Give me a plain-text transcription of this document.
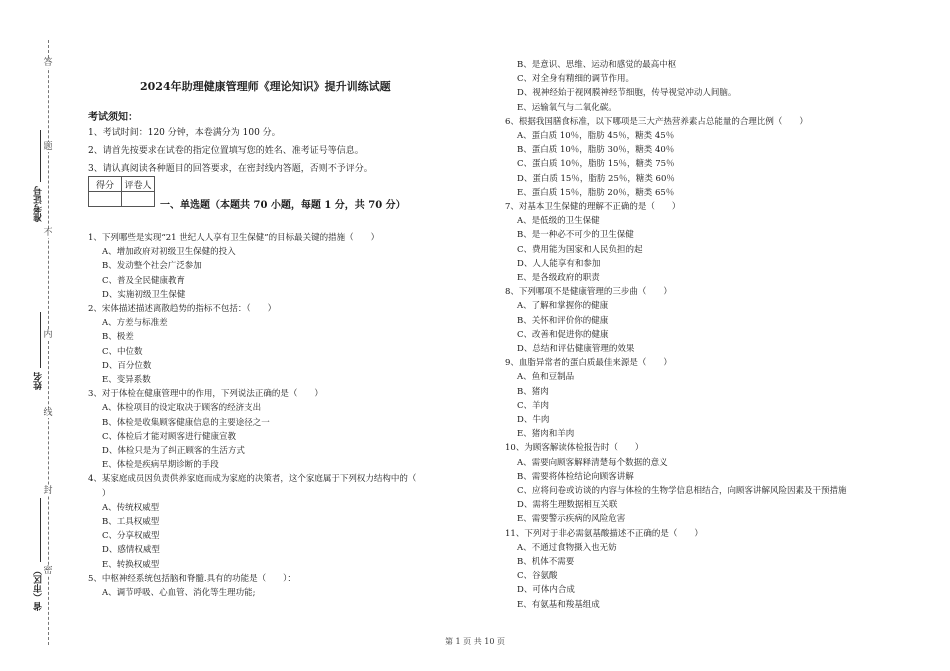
答
题
不
内
线
封
密
准考证号
姓名
省（市区）
2024年助理健康管理师《理论知识》提升训练试题
考试须知：
1、考试时间：120 分钟，本卷满分为 100 分。
2、请首先按要求在试卷的指定位置填写您的姓名、准考证号等信息。
3、请认真阅读各种题目的回答要求，在密封线内答题，否则不予评分。
得分	评卷人

一、单选题（本题共 70 小题，每题 1 分，共 70 分）
1、下列哪些是实现“21 世纪人人享有卫生保健”的目标最关键的措施（　　）
A、增加政府对初级卫生保健的投入
B、发动整个社会广泛参加
C、普及全民健康教育
D、实施初级卫生保健
2、宋体描述描述离散趋势的指标不包括：（　　）
A、方差与标准差
B、极差
C、中位数
D、百分位数
E、变异系数
3、对于体检在健康管理中的作用，下列说法正确的是（　　）
A、体检项目的设定取决于顾客的经济支出
B、体检是收集顾客健康信息的主要途径之一
C、体检后才能对顾客进行健康宣教
D、体检只是为了纠正顾客的生活方式
E、体检是疾病早期诊断的手段
4、某家庭成员因负责供养家庭而成为家庭的决策者，这个家庭属于下列权力结构中的（
）
A、传统权威型
B、工具权威型
C、分享权威型
D、感情权威型
E、转换权威型
5、中枢神经系统包括脑和脊髓.具有的功能是（　　）：
A、调节呼吸、心血管、消化等生理功能;
B、是意识、思维、运动和感觉的最高中枢
C、对全身有精细的调节作用。
D、视神经始于视网膜神经节细胞，传导视觉冲动人间脑。
E、运输氧气与二氧化碳。
6、根据我国膳食标准，以下哪项是三大产热营养素占总能量的合理比例（　　）
A、蛋白质 10％，脂肪 45％，糖类 45％
B、蛋白质 10％，脂肪 30％，糖类 40％
C、蛋白质 10％，脂肪 15％，糖类 75％
D、蛋白质 15％，脂肪 25％，糖类 60％
E、蛋白质 15％，脂肪 20％，糖类 65％
7、对基本卫生保健的理解不正确的是（　　）
A、是低级的卫生保健
B、是一种必不可少的卫生保健
C、费用能为国家和人民负担的起
D、人人能享有和参加
E、是各级政府的职责
8、下列哪项不是健康管理的三步曲（　　）
A、了解和掌握你的健康
B、关怀和评价你的健康
C、改善和促进你的健康
D、总结和评估健康管理的效果
9、血脂异常者的蛋白质最佳来源是（　　）
A、鱼和豆制品
B、猪肉
C、羊肉
D、牛肉
E、猪肉和羊肉
10、为顾客解读体检报告时（　　）
A、需要向顾客解释清楚每个数据的意义
B、需要将体检结论向顾客讲解
C、应将问卷或访谈的内容与体检的生物学信息相结合，向顾客讲解风险因素及干预措施
D、需将生理数据相互关联
E、需要警示疾病的风险危害
11、下列对于非必需氨基酸描述不正确的是（　　）
A、不通过食物摄入也无妨
B、机体不需要
C、谷氨酸
D、可体内合成
E、有氨基和羧基组成
第 1 页 共 10 页
